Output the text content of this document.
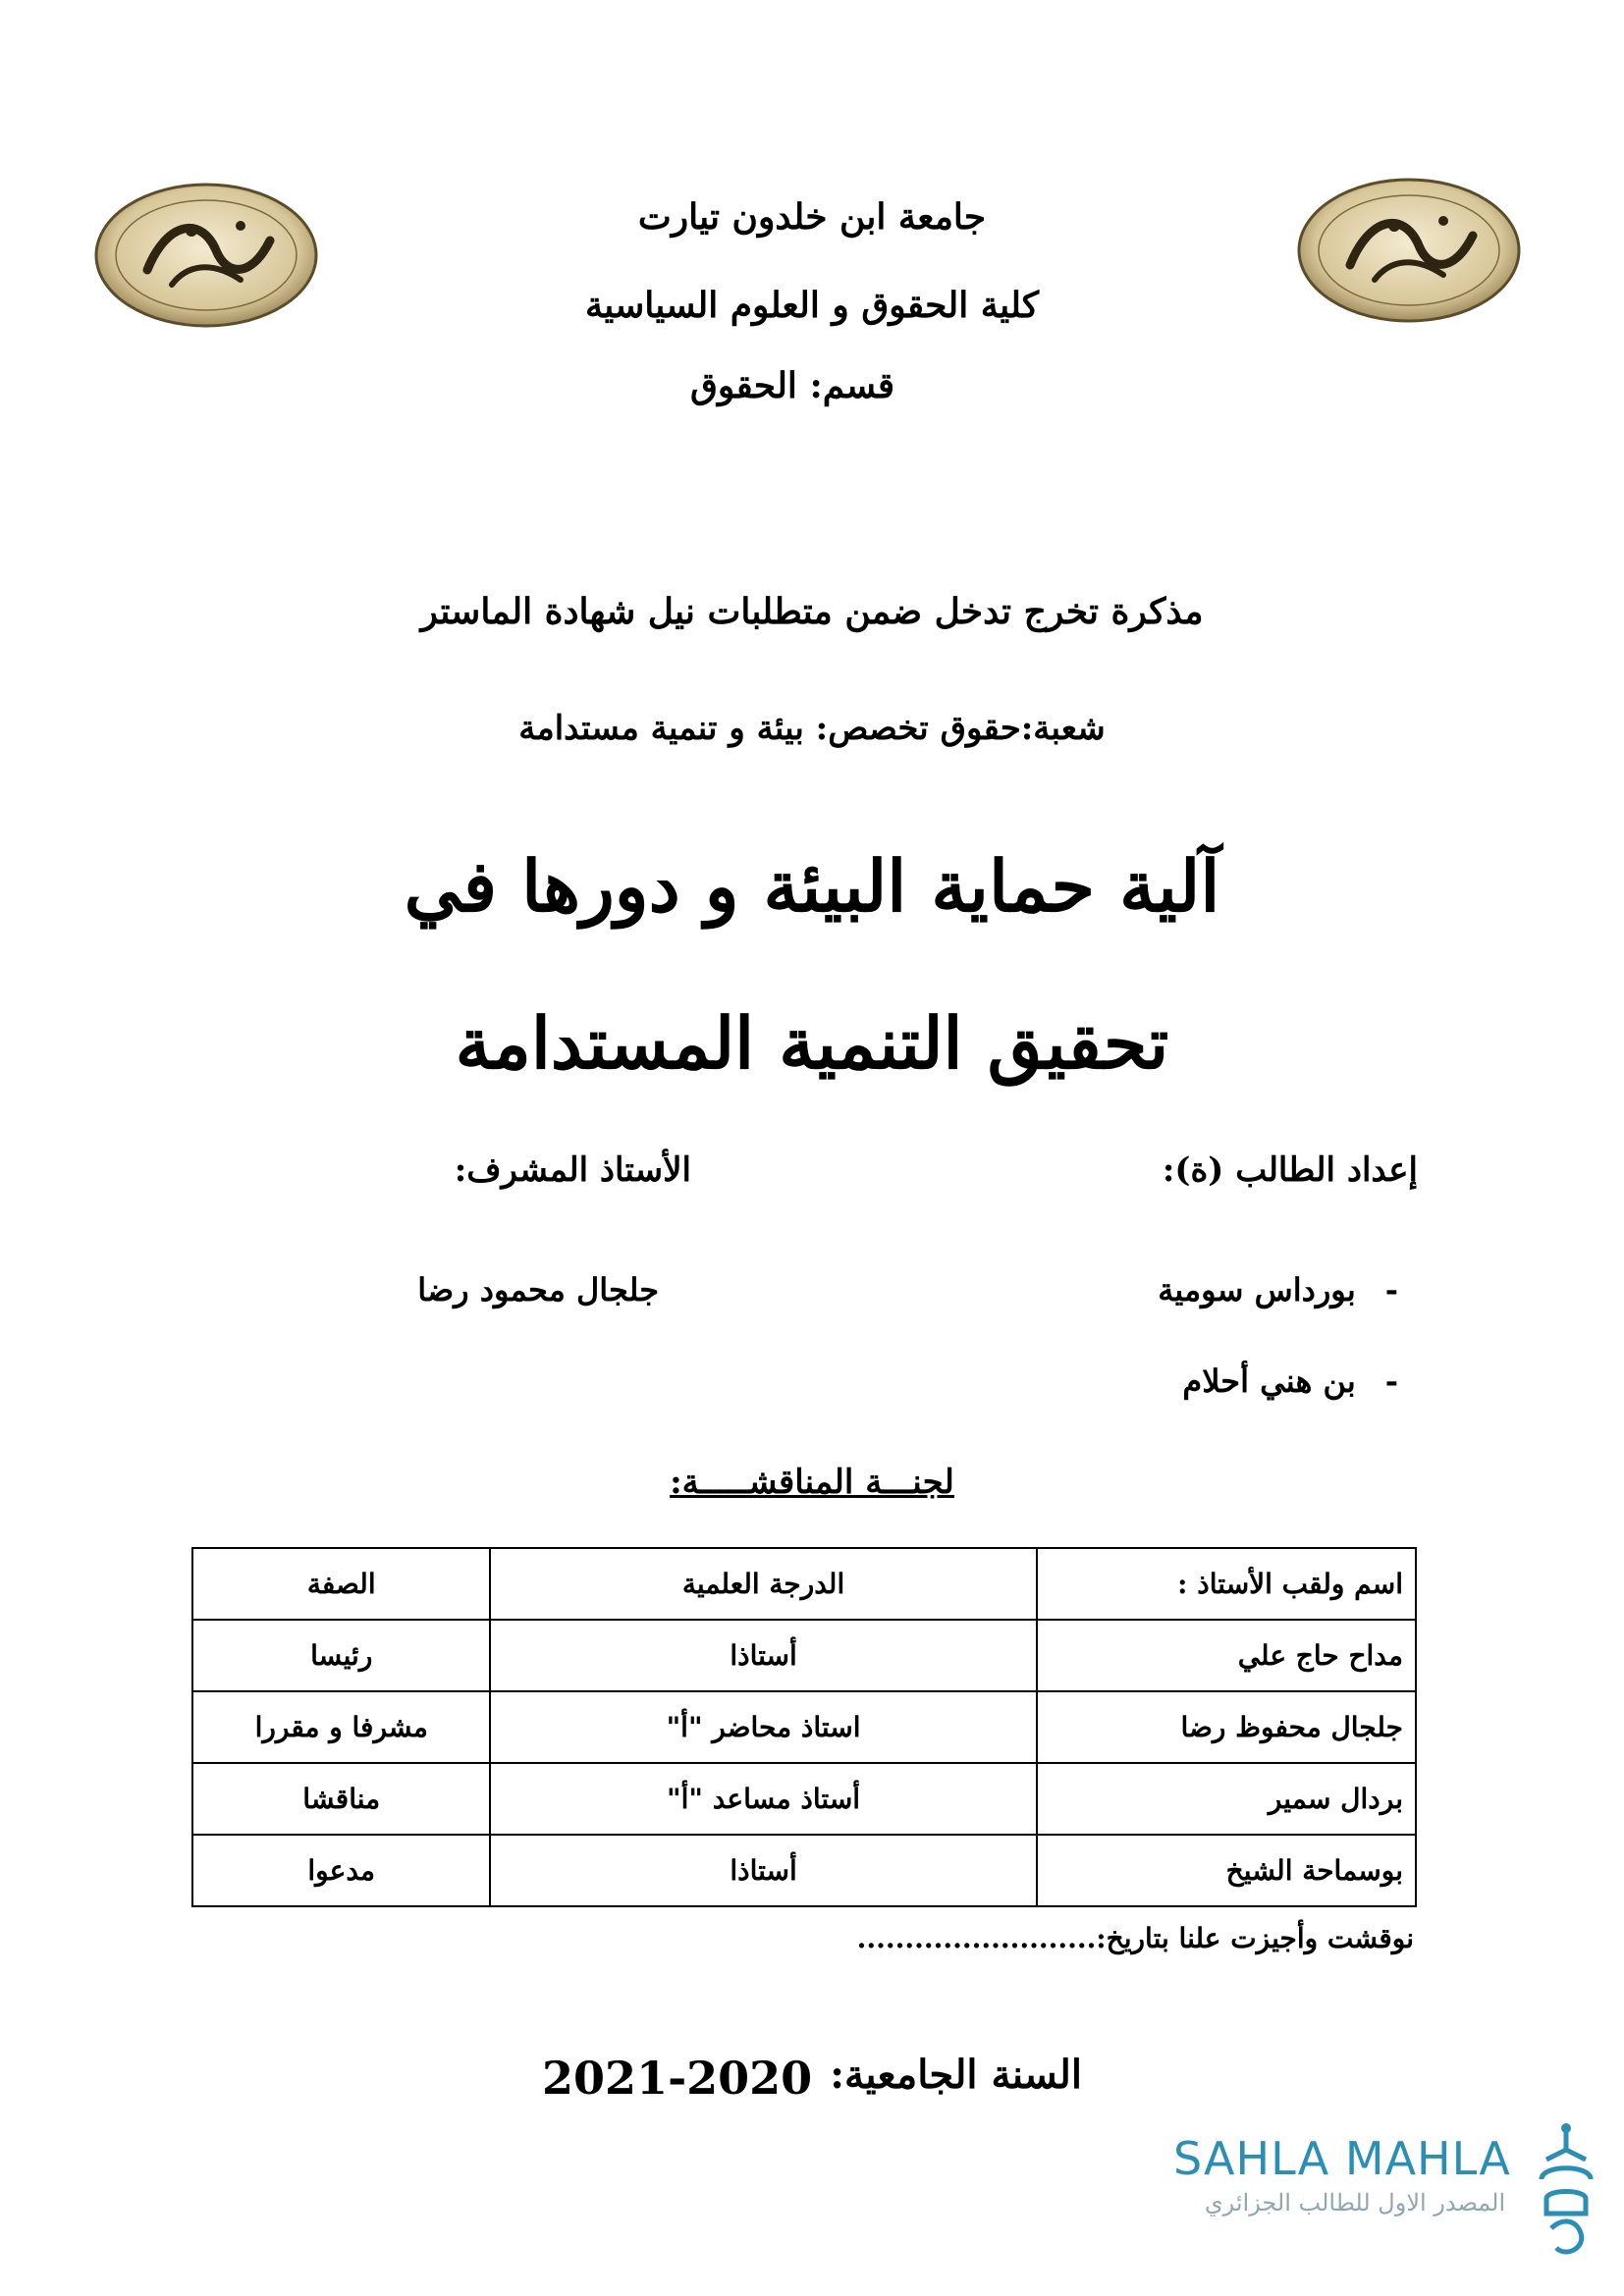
جامعة ابن خلدون تيارت
كلية الحقوق و العلوم السياسية
قسم: الحقوق
مذكرة تخرج تدخل ضمن متطلبات نيل شهادة الماستر
شعبة:حقوق تخصص: بيئة و تنمية مستدامة
آلية حماية البيئة و دورها في
تحقيق التنمية المستدامة
إعداد الطالب (ة):
الأستاذ المشرف:
-
بورداس سومية
-
بن هني أحلام
جلجال محمود رضا
لجنـــة المناقشـــــة:
اسم ولقب الأستاذ :	الدرجة العلمية	الصفة
مداح حاج علي	أستاذا	رئيسا
جلجال محفوظ رضا	استاذ محاضر "أ"	مشرفا و مقررا
بردال سمير	أستاذ مساعد "أ"	مناقشا
بوسماحة الشيخ	أستاذا	مدعوا
نوقشت وأجيزت علنا بتاريخ:.........................
السنة الجامعية:
2021-2020
SAHLA MAHLA
المصدر الاول للطالب الجزائري
